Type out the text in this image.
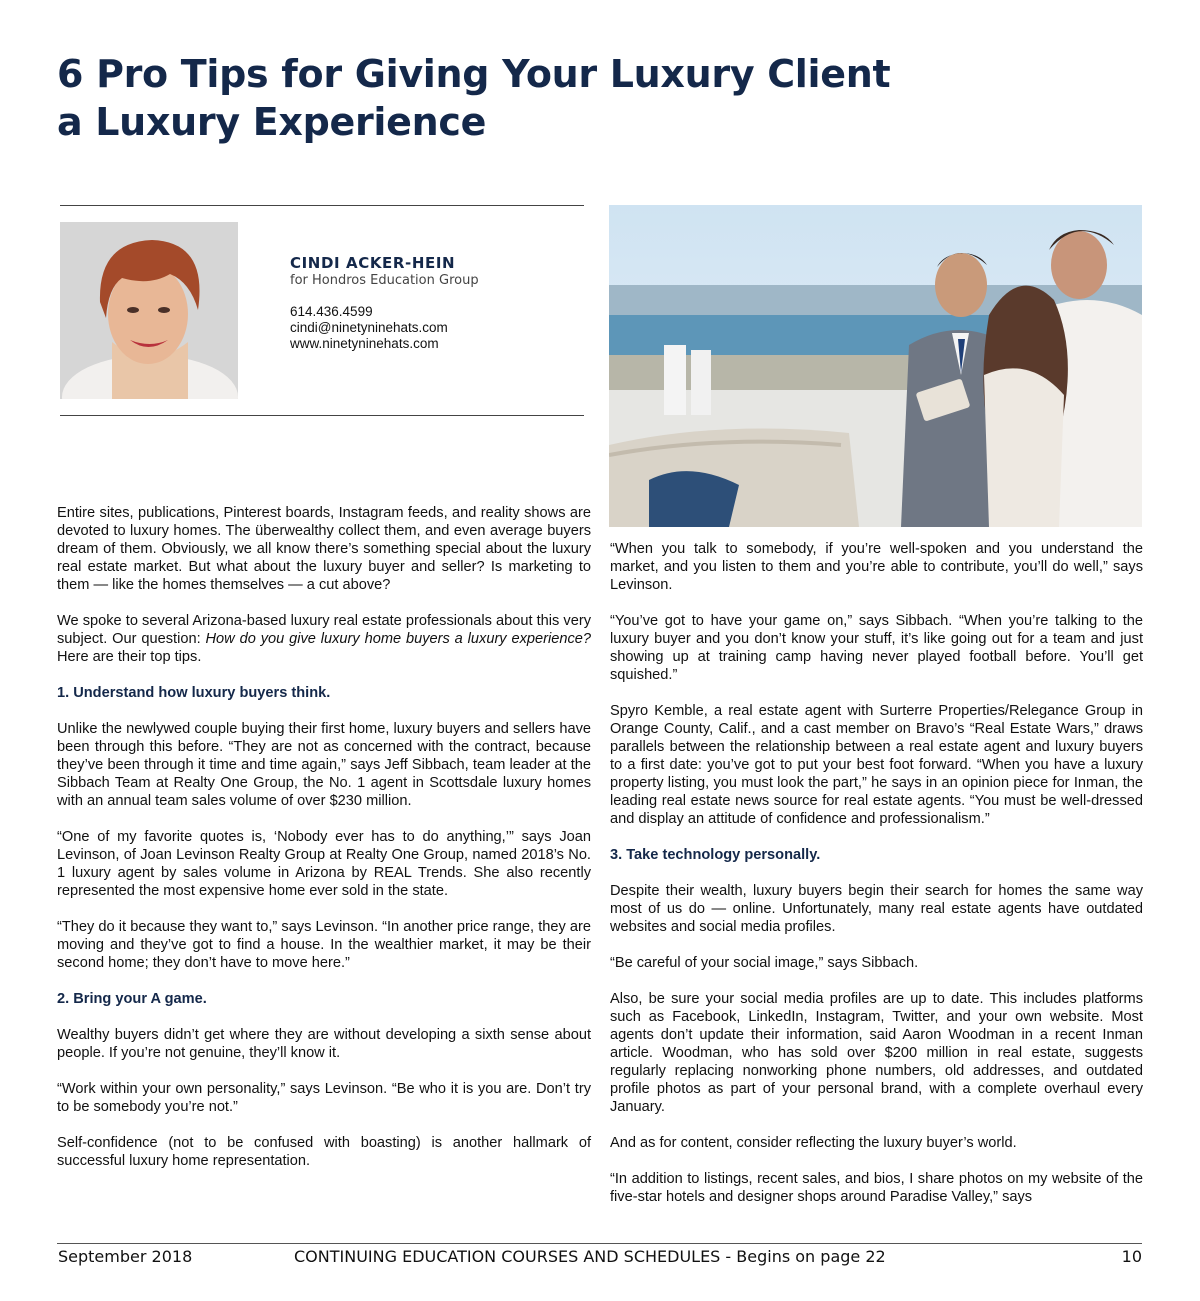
6 Pro Tips for Giving Your Luxury Client
a Luxury Experience
CINDI ACKER-HEIN
for Hondros Education Group
614.436.4599
cindi@ninetyninehats.com
www.ninetyninehats.com

Entire sites, publications, Pinterest boards, Instagram feeds, and reality shows are devoted to luxury homes. The überwealthy collect them, and even average buyers dream of them. Obviously, we all know there’s something special about the luxury real estate market. But what about the luxury buyer and seller? Is marketing to them — like the homes themselves — a cut above?

We spoke to several Arizona-based luxury real estate professionals about this very subject. Our question: How do you give luxury home buyers a luxury experience? Here are their top tips.

1. Understand how luxury buyers think.

Unlike the newlywed couple buying their first home, luxury buyers and sellers have been through this before. “They are not as concerned with the contract, because they’ve been through it time and time again,” says Jeff Sibbach, team leader at the Sibbach Team at Realty One Group, the No. 1 agent in Scottsdale luxury homes with an annual team sales volume of over $230 million.

“One of my favorite quotes is, ‘Nobody ever has to do anything,’” says Joan Levinson, of Joan Levinson Realty Group at Realty One Group, named 2018’s No. 1 luxury agent by sales volume in Arizona by REAL Trends. She also recently represented the most expensive home ever sold in the state.

“They do it because they want to,” says Levinson. “In another price range, they are moving and they’ve got to find a house. In the wealthier market, it may be their second home; they don’t have to move here.”

2. Bring your A game.

Wealthy buyers didn’t get where they are without developing a sixth sense about people. If you’re not genuine, they’ll know it.

“Work within your own personality,” says Levinson. “Be who it is you are. Don’t try to be somebody you’re not.”

Self-confidence (not to be confused with boasting) is another hallmark of successful luxury home representation.

“When you talk to somebody, if you’re well-spoken and you understand the market, and you listen to them and you’re able to contribute, you’ll do well,” says Levinson.

“You’ve got to have your game on,” says Sibbach. “When you’re talking to the luxury buyer and you don’t know your stuff, it’s like going out for a team and just showing up at training camp having never played football before. You’ll get squished.”

Spyro Kemble, a real estate agent with Surterre Properties/Relegance Group in Orange County, Calif., and a cast member on Bravo’s “Real Estate Wars,” draws parallels between the relationship between a real estate agent and luxury buyers to a first date: you’ve got to put your best foot forward. “When you have a luxury property listing, you must look the part,” he says in an opinion piece for Inman, the leading real estate news source for real estate agents. “You must be well-dressed and display an attitude of confidence and professionalism.”

3. Take technology personally.

Despite their wealth, luxury buyers begin their search for homes the same way most of us do — online. Unfortunately, many real estate agents have outdated websites and social media profiles.

“Be careful of your social image,” says Sibbach.

Also, be sure your social media profiles are up to date. This includes platforms such as Facebook, LinkedIn, Instagram, Twitter, and your own website. Most agents don’t update their information, said Aaron Woodman in a recent Inman article. Woodman, who has sold over $200 million in real estate, suggests regularly replacing nonworking phone numbers, old addresses, and outdated profile photos as part of your personal brand, with a complete overhaul every January.

And as for content, consider reflecting the luxury buyer’s world.

“In addition to listings, recent sales, and bios, I share photos on my website of the five-star hotels and designer shops around Paradise Valley,” says

September 2018	CONTINUING EDUCATION COURSES AND SCHEDULES - Begins on page 22	10
